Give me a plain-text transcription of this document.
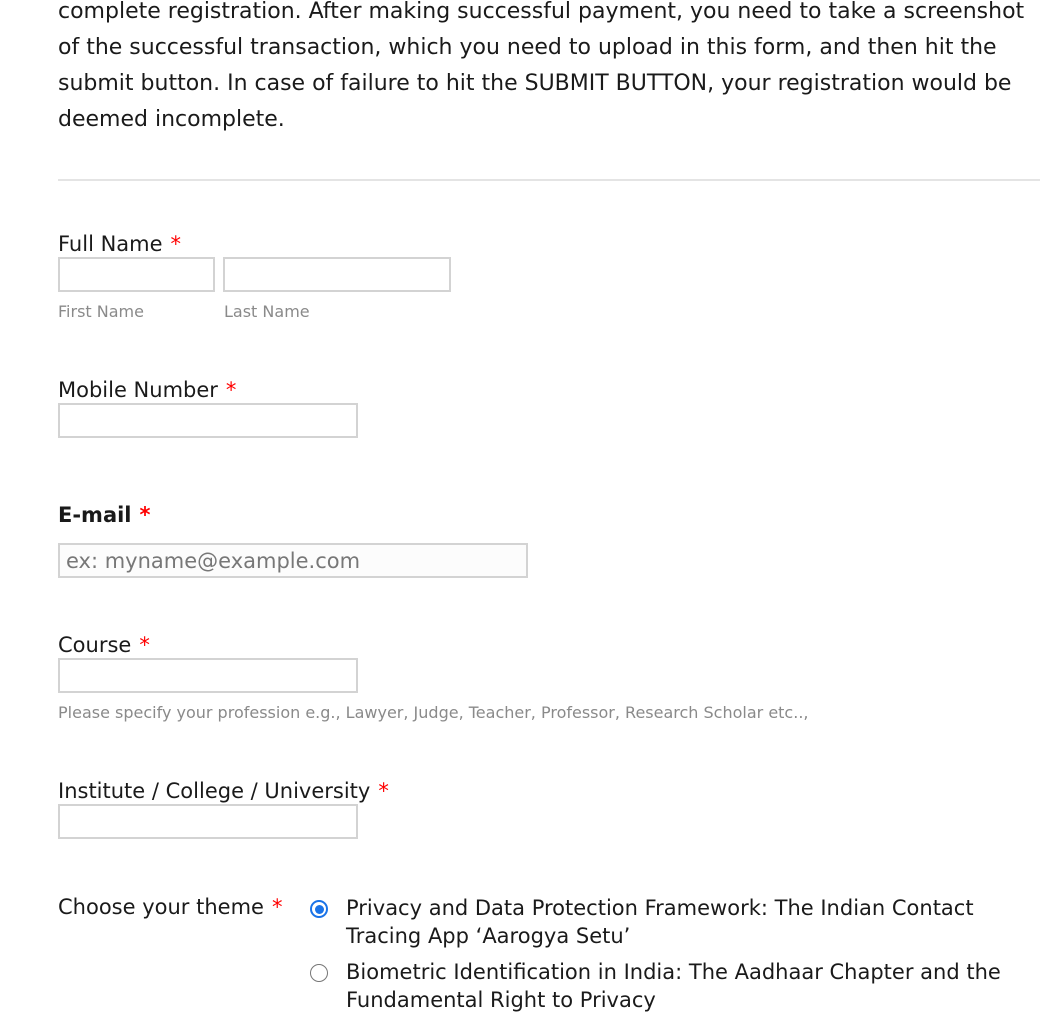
complete registration. After making successful payment, you need to take a screenshot of the successful transaction, which you need to upload in this form, and then hit the submit button. In case of failure to hit the SUBMIT BUTTON, your registration would be deemed incomplete.

Full Name *
First Name	Last Name
Mobile Number *
E-mail *
ex: myname@example.com
Course *
Please specify your profession e.g., Lawyer, Judge, Teacher, Professor, Research Scholar etc..,
Institute / College / University *
Choose your theme *	Privacy and Data Protection Framework: The Indian Contact Tracing App ‘Aarogya Setu’
Biometric Identification in India: The Aadhaar Chapter and the Fundamental Right to Privacy
